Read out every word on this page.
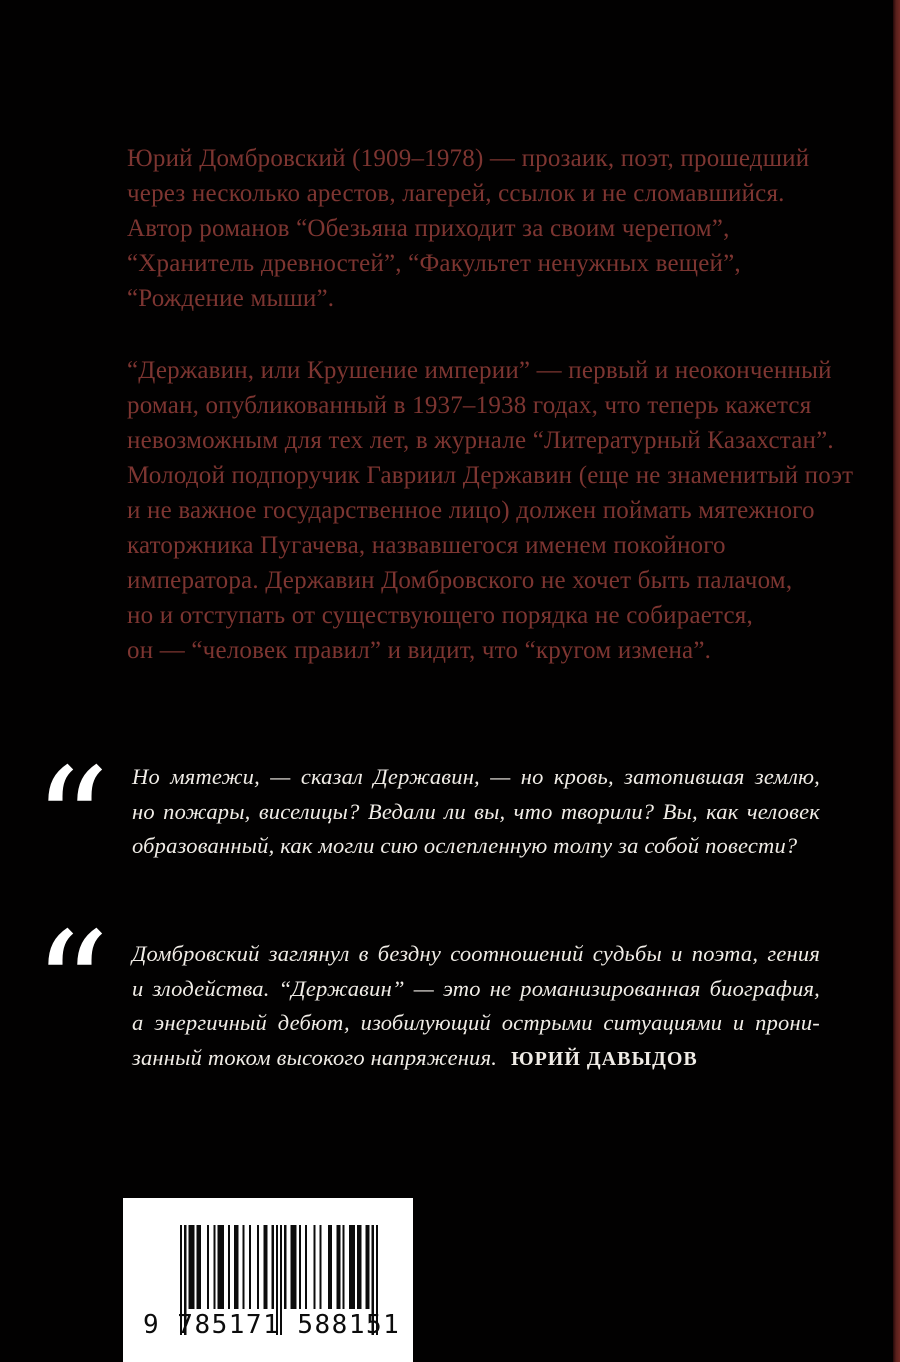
Юрий Домбровский (1909–1978) — прозаик, поэт, прошедший
через несколько арестов, лагерей, ссылок и не сломавшийся.
Автор романов “Обезьяна приходит за своим черепом”,
“Хранитель древностей”, “Факультет ненужных вещей”,
“Рождение мыши”.
“Державин, или Крушение империи” — первый и неоконченный
роман, опубликованный в 1937–1938 годах, что теперь кажется
невозможным для тех лет, в журнале “Литературный Казахстан”.
Молодой подпоручик Гавриил Державин (еще не знаменитый поэт
и не важное государственное лицо) должен поймать мятежного
каторжника Пугачева, назвавшегося именем покойного
императора. Державин Домбровского не хочет быть палачом,
но и отступать от существующего порядка не собирается,
он — “человек правил” и видит, что “кругом измена”.
“ Но мятежи, — сказал Державин, — но кровь, затопившая землю,
но пожары, виселицы? Ведали ли вы, что творили? Вы, как человек
образованный, как могли сию ослепленную толпу за собой повести?
“ Домбровский заглянул в бездну соотношений судьбы и поэта, гения
и злодейства. “Державин” — это не романизированная биография,
а энергичный дебют, изобилующий острыми ситуациями и прони-
занный током высокого напряжения. ЮРИЙ ДАВЫДОВ
9 785171 588151
